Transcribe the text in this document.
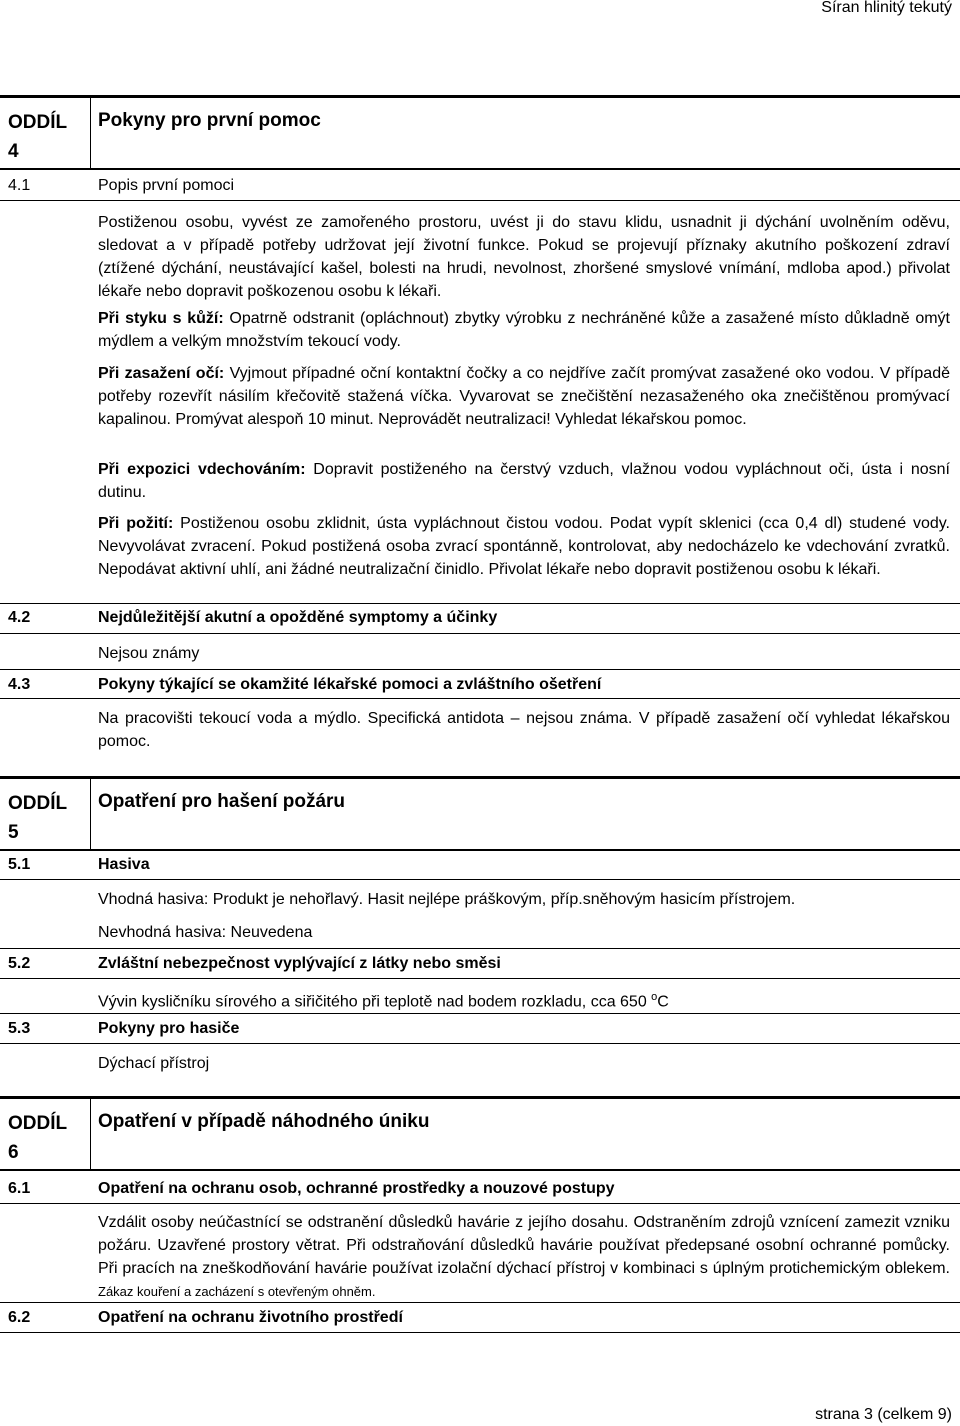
Síran hlinitý tekutý
ODDÍL
4
Pokyny pro první pomoc
4.1	Popis první pomoci

Postiženou osobu, vyvést ze zamořeného prostoru, uvést ji do stavu klidu, usnadnit ji dýchání uvolněním oděvu, sledovat a v případě potřeby udržovat její životní funkce. Pokud se projevují příznaky akutního poškození zdraví (ztížené dýchání, neustávající kašel, bolesti na hrudi, nevolnost, zhoršené smyslové vnímání, mdloba apod.) přivolat lékaře nebo dopravit poškozenou osobu k lékaři.

Při styku s kůží: Opatrně odstranit (opláchnout) zbytky výrobku z nechráněné kůže a zasažené místo důkladně omýt mýdlem a velkým množstvím tekoucí vody.

Při zasažení očí: Vyjmout případné oční kontaktní čočky a co nejdříve začít promývat zasažené oko vodou. V případě potřeby rozevřít násilím křečovitě stažená víčka. Vyvarovat se znečištění nezasaženého oka znečištěnou promývací kapalinou. Promývat alespoň 10 minut. Neprovádět neutralizaci! Vyhledat lékařskou pomoc.

Při expozici vdechováním: Dopravit postiženého na čerstvý vzduch, vlažnou vodou vypláchnout oči, ústa i nosní dutinu.

Při požití: Postiženou osobu zklidnit, ústa vypláchnout čistou vodou. Podat vypít sklenici (cca 0,4 dl) studené vody. Nevyvolávat zvracení. Pokud postižená osoba zvrací spontánně, kontrolovat, aby nedocházelo ke vdechování zvratků. Nepodávat aktivní uhlí, ani žádné neutralizační činidlo. Přivolat lékaře nebo dopravit postiženou osobu k lékaři.

4.2	Nejdůležitější akutní a opožděné symptomy a účinky
Nejsou známy
4.3	Pokyny týkající se okamžité lékařské pomoci a zvláštního ošetření
Na pracovišti tekoucí voda a mýdlo. Specifická antidota – nejsou známa. V případě zasažení očí vyhledat lékařskou pomoc.
ODDÍL
5
Opatření pro hašení požáru
5.1	Hasiva
Vhodná hasiva: Produkt je nehořlavý. Hasit nejlépe práškovým, příp.sněhovým hasicím přístrojem.
Nevhodná hasiva: Neuvedena
5.2	Zvláštní nebezpečnost vyplývající z látky nebo směsi
Vývin kysličníku sírového a siřičitého při teplotě nad bodem rozkladu, cca 650 $^o$C
5.3	Pokyny pro hasiče
Dýchací přístroj
ODDÍL
6
Opatření v případě náhodného úniku
6.1	Opatření na ochranu osob, ochranné prostředky a nouzové postupy

Vzdálit osoby neúčastnící se odstranění důsledků havárie z jejího dosahu. Odstraněním zdrojů vznícení zamezit vzniku požáru. Uzavřené prostory větrat. Při odstraňování důsledků havárie používat předepsané osobní ochranné pomůcky. Při pracích na zneškodňování havárie používat izolační dýchací přístroj v kombinaci s úplným protichemickým oblekem. Zákaz kouření a zacházení s otevřeným ohněm.

6.2	Opatření na ochranu životního prostředí
strana 3 (celkem 9)
